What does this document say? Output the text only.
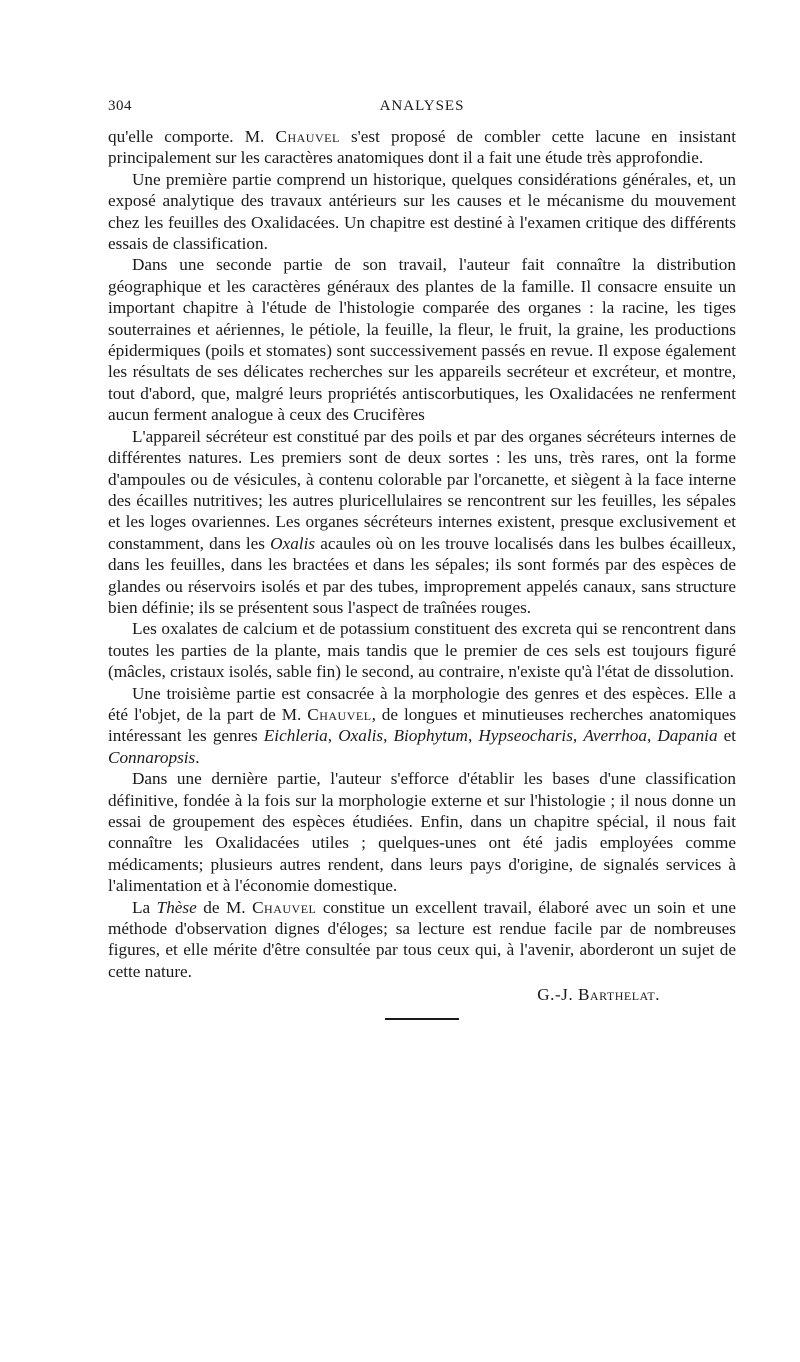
304	ANALYSES

qu'elle comporte. M. Chauvel s'est proposé de combler cette lacune en insistant principalement sur les caractères anatomiques dont il a fait une étude très approfondie.

Une première partie comprend un historique, quelques considérations générales, et, un exposé analytique des travaux antérieurs sur les causes et le mécanisme du mouvement chez les feuilles des Oxalidacées. Un chapitre est destiné à l'examen critique des différents essais de classification.

Dans une seconde partie de son travail, l'auteur fait connaître la distribution géographique et les caractères généraux des plantes de la famille. Il consacre ensuite un important chapitre à l'étude de l'histologie comparée des organes : la racine, les tiges souterraines et aériennes, le pétiole, la feuille, la fleur, le fruit, la graine, les productions épidermiques (poils et stomates) sont successivement passés en revue. Il expose également les résultats de ses délicates recherches sur les appareils secréteur et excréteur, et montre, tout d'abord, que, malgré leurs propriétés antiscorbutiques, les Oxalidacées ne renferment aucun ferment analogue à ceux des Crucifères

L'appareil sécréteur est constitué par des poils et par des organes sécréteurs internes de différentes natures. Les premiers sont de deux sortes : les uns, très rares, ont la forme d'ampoules ou de vésicules, à contenu colorable par l'orcanette, et siègent à la face interne des écailles nutritives; les autres pluricellulaires se rencontrent sur les feuilles, les sépales et les loges ovariennes. Les organes sécréteurs internes existent, presque exclusivement et constamment, dans les Oxalis acaules où on les trouve localisés dans les bulbes écailleux, dans les feuilles, dans les bractées et dans les sépales; ils sont formés par des espèces de glandes ou réservoirs isolés et par des tubes, improprement appelés canaux, sans structure bien définie; ils se présentent sous l'aspect de traînées rouges.

Les oxalates de calcium et de potassium constituent des excreta qui se rencontrent dans toutes les parties de la plante, mais tandis que le premier de ces sels est toujours figuré (mâcles, cristaux isolés, sable fin) le second, au contraire, n'existe qu'à l'état de dissolution.

Une troisième partie est consacrée à la morphologie des genres et des espèces. Elle a été l'objet, de la part de M. Chauvel, de longues et minutieuses recherches anatomiques intéressant les genres Eichleria, Oxalis, Biophytum, Hypseocharis, Averrhoa, Dapania et Connaropsis.

Dans une dernière partie, l'auteur s'efforce d'établir les bases d'une classification définitive, fondée à la fois sur la morphologie externe et sur l'histologie ; il nous donne un essai de groupement des espèces étudiées. Enfin, dans un chapitre spécial, il nous fait connaître les Oxalidacées utiles ; quelques-unes ont été jadis employées comme médicaments; plusieurs autres rendent, dans leurs pays d'origine, de signalés services à l'alimentation et à l'économie domestique.

La Thèse de M. Chauvel constitue un excellent travail, élaboré avec un soin et une méthode d'observation dignes d'éloges; sa lecture est rendue facile par de nombreuses figures, et elle mérite d'être consultée par tous ceux qui, à l'avenir, aborderont un sujet de cette nature.

G.-J. Barthelat.
